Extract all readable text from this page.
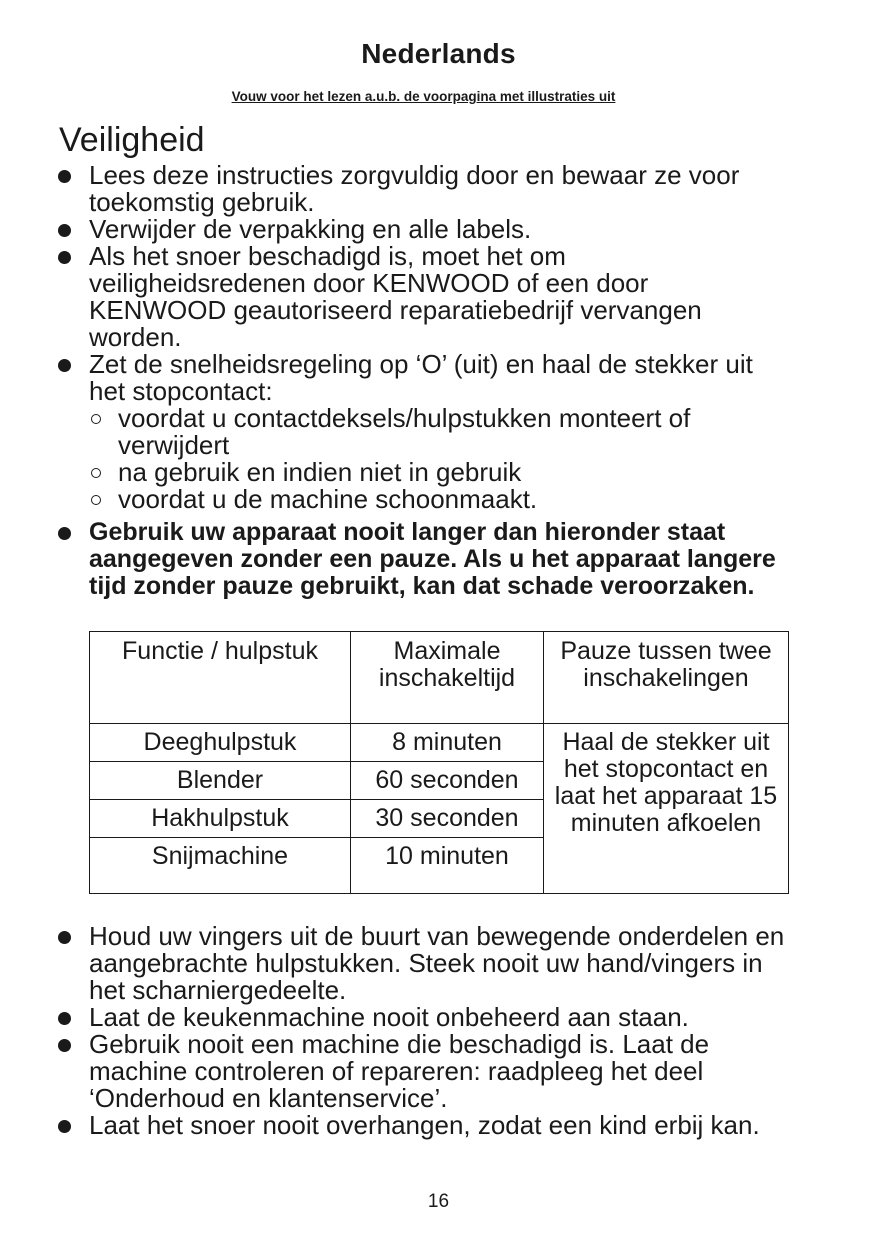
Nederlands
Vouw voor het lezen a.u.b. de voorpagina met illustraties uit
Veiligheid
Lees deze instructies zorgvuldig door en bewaar ze voor toekomstig gebruik.
Verwijder de verpakking en alle labels.
Als het snoer beschadigd is, moet het om veiligheidsredenen door KENWOOD of een door KENWOOD geautoriseerd reparatiebedrijf vervangen worden.
Zet de snelheidsregeling op ‘O’ (uit) en haal de stekker uit het stopcontact:
voordat u contactdeksels/hulpstukken monteert of verwijdert
na gebruik en indien niet in gebruik
voordat u de machine schoonmaakt.
Gebruik uw apparaat nooit langer dan hieronder staat aangegeven zonder een pauze. Als u het apparaat langere tijd zonder pauze gebruikt, kan dat schade veroorzaken.
Functie / hulpstuk	Maximale inschakeltijd	Pauze tussen twee inschakelingen
Deeghulpstuk	8 minuten	Haal de stekker uit het stopcontact en laat het apparaat 15 minuten afkoelen
Blender	60 seconden	
Hakhulpstuk	30 seconden	
Snijmachine	10 minuten	
Houd uw vingers uit de buurt van bewegende onderdelen en aangebrachte hulpstukken. Steek nooit uw hand/vingers in het scharniergedeelte.
Laat de keukenmachine nooit onbeheerd aan staan.
Gebruik nooit een machine die beschadigd is. Laat de machine controleren of repareren: raadpleeg het deel ‘Onderhoud en klantenservice’.
Laat het snoer nooit overhangen, zodat een kind erbij kan.
16
